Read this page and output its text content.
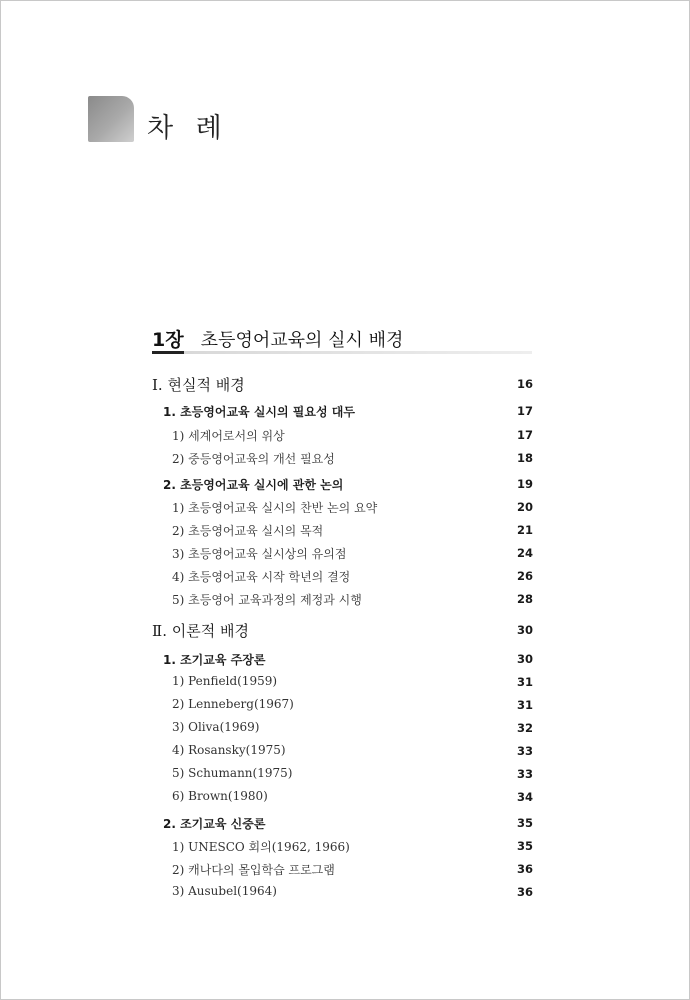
차 례
1장 초등영어교육의 실시 배경
Ⅰ. 현실적 배경	16
1. 초등영어교육 실시의 필요성 대두	17
1) 세계어로서의 위상	17
2) 중등영어교육의 개선 필요성	18
2. 초등영어교육 실시에 관한 논의	19
1) 초등영어교육 실시의 찬반 논의 요약	20
2) 초등영어교육 실시의 목적	21
3) 초등영어교육 실시상의 유의점	24
4) 초등영어교육 시작 학년의 결정	26
5) 초등영어 교육과정의 제정과 시행	28
Ⅱ. 이론적 배경	30
1. 조기교육 주장론	30
1) Penfield(1959)	31
2) Lenneberg(1967)	31
3) Oliva(1969)	32
4) Rosansky(1975)	33
5) Schumann(1975)	33
6) Brown(1980)	34
2. 조기교육 신중론	35
1) UNESCO 회의(1962, 1966)	35
2) 캐나다의 몰입학습 프로그램	36
3) Ausubel(1964)	36
